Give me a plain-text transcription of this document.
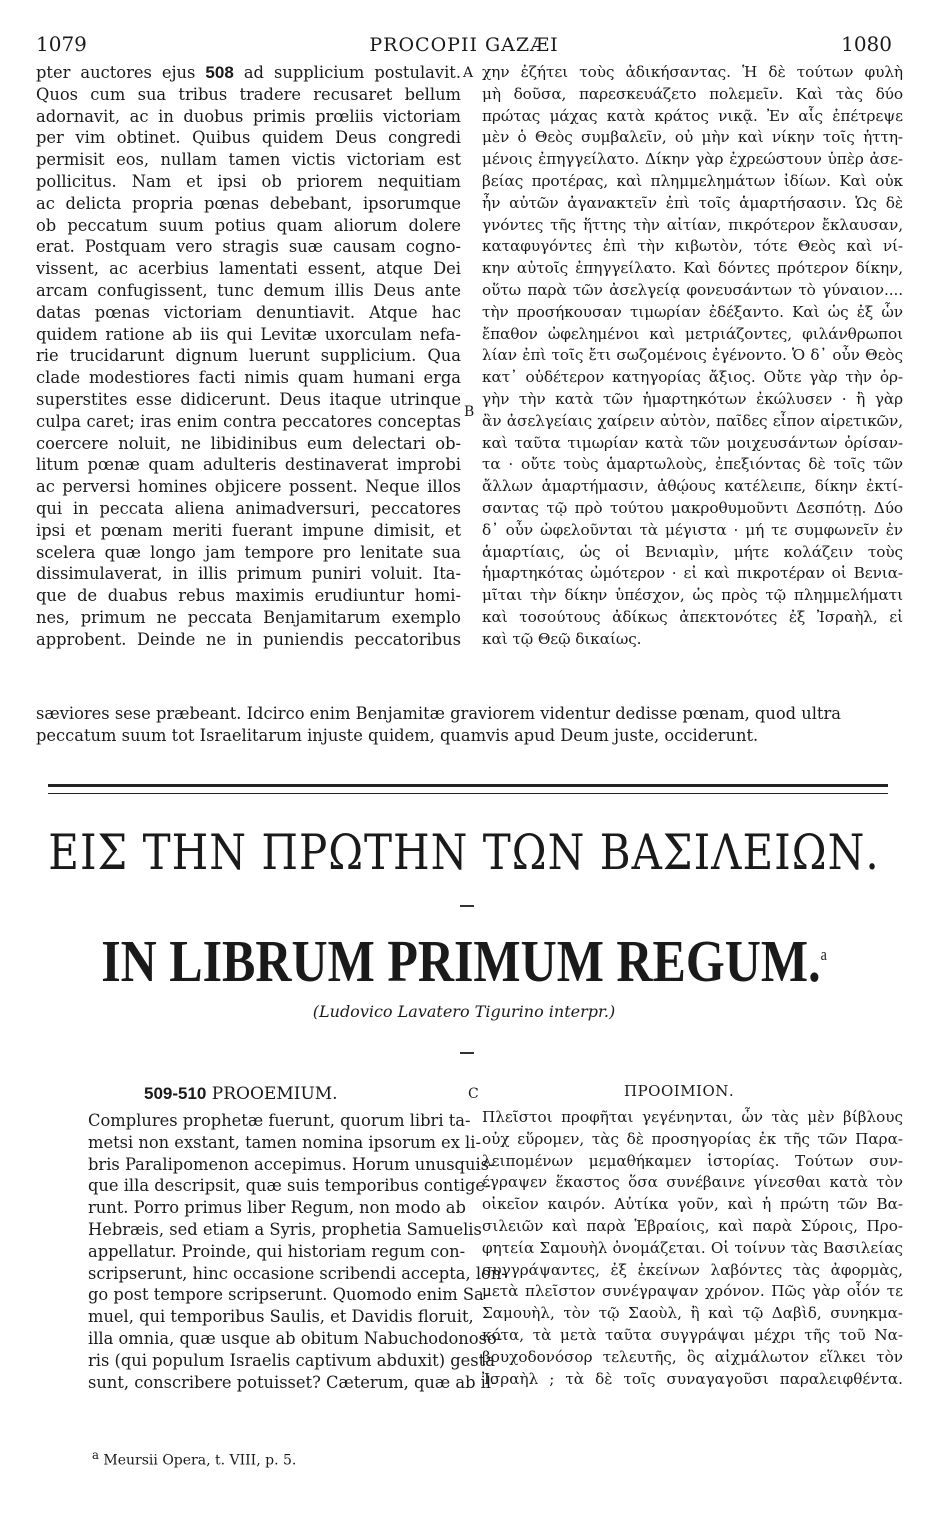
1079	PROCOPII GAZÆI	1080
pter auctores ejus 508 ad supplicium postulavit.
Quos cum sua tribus tradere recusaret bellum
adornavit, ac in duobus primis prœliis victoriam
per vim obtinet. Quibus quidem Deus congredi
permisit eos, nullam tamen victis victoriam est
pollicitus. Nam et ipsi ob priorem nequitiam
ac delicta propria pœnas debebant, ipsorumque
ob peccatum suum potius quam aliorum dolere
erat. Postquam vero stragis suæ causam cogno-
vissent, ac acerbius lamentati essent, atque Dei
arcam confugissent, tunc demum illis Deus ante
datas pœnas victoriam denuntiavit. Atque hac
quidem ratione ab iis qui Levitæ uxorculam nefa-
rie trucidarunt dignum luerunt supplicium. Qua
clade modestiores facti nimis quam humani erga
superstites esse didicerunt. Deus itaque utrinque
culpa caret; iras enim contra peccatores conceptas
coercere noluit, ne libidinibus eum delectari ob-
litum pœnæ quam adulteris destinaverat improbi
ac perversi homines objicere possent. Neque illos
qui in peccata aliena animadversuri, peccatores
ipsi et pœnam meriti fuerant impune dimisit, et
scelera quæ longo jam tempore pro lenitate sua
dissimulaverat, in illis primum puniri voluit. Ita-
que de duabus rebus maximis erudiuntur homi-
nes, primum ne peccata Benjamitarum exemplo
approbent. Deinde ne in puniendis peccatoribus
A
B
χην ἐζήτει τοὺς ἀδικήσαντας. Ἡ δὲ τούτων φυλὴ
μὴ δοῦσα, παρεσκευάζετο πολεμεῖν. Καὶ τὰς δύο
πρώτας μάχας κατὰ κράτος νικᾷ. Ἐν αἷς ἐπέτρεψε
μὲν ὁ Θεὸς συμβαλεῖν, οὐ μὴν καὶ νίκην τοῖς ἡττη-
μένοις ἐπηγγείλατο. Δίκην γὰρ ἐχρεώστουν ὑπὲρ ἀσε-
βείας προτέρας, καὶ πλημμελημάτων ἰδίων. Καὶ οὐκ
ἦν αὐτῶν ἀγανακτεῖν ἐπὶ τοῖς ἁμαρτήσασιν. Ὡς δὲ
γνόντες τῆς ἥττης τὴν αἰτίαν, πικρότερον ἔκλαυσαν,
καταφυγόντες ἐπὶ τὴν κιβωτὸν, τότε Θεὸς καὶ νί-
κην αὐτοῖς ἐπηγγείλατο. Καὶ δόντες πρότερον δίκην,
οὕτω παρὰ τῶν ἀσελγείᾳ φονευσάντων τὸ γύναιον....
τὴν προσήκουσαν τιμωρίαν ἐδέξαντο. Καὶ ὡς ἐξ ὧν
ἔπαθον ὠφελημένοι καὶ μετριάζοντες, φιλάνθρωποι
λίαν ἐπὶ τοῖς ἔτι σωζομένοις ἐγένοντο. Ὁ δ᾽ οὖν Θεὸς
κατ᾽ οὐδέτερον κατηγορίας ἄξιος. Οὔτε γὰρ τὴν ὀρ-
γὴν τὴν κατὰ τῶν ἡμαρτηκότων ἐκώλυσεν · ἢ γὰρ
ἂν ἀσελγείαις χαίρειν αὐτὸν, παῖδες εἶπον αἱρετικῶν,
καὶ ταῦτα τιμωρίαν κατὰ τῶν μοιχευσάντων ὁρίσαν-
τα · οὔτε τοὺς ἁμαρτωλοὺς, ἐπεξιόντας δὲ τοῖς τῶν
ἄλλων ἁμαρτήμασιν, ἀθῴους κατέλειπε, δίκην ἐκτί-
σαντας τῷ πρὸ τούτου μακροθυμοῦντι Δεσπότῃ. Δύο
δ᾽ οὖν ὠφελοῦνται τὰ μέγιστα · μή τε συμφωνεῖν ἐν
ἁμαρτίαις, ὡς οἱ Βενιαμὶν, μήτε κολάζειν τοὺς
ἡμαρτηκότας ὠμότερον · εἰ καὶ πικροτέραν οἱ Βενια-
μῖται τὴν δίκην ὑπέσχον, ὡς πρὸς τῷ πλημμελήματι
καὶ τοσούτους ἀδίκως ἀπεκτονότες ἐξ Ἰσραὴλ, εἰ
καὶ τῷ Θεῷ δικαίως.
sæviores sese præbeant. Idcirco enim Benjamitæ graviorem videntur dedisse pœnam, quod ultra
peccatum suum tot Israelitarum injuste quidem, quamvis apud Deum juste, occiderunt.
ΕΙΣ ΤΗΝ ΠΡΩΤΗΝ ΤΩΝ ΒΑΣΙΛΕΙΩΝ.
IN LIBRUM PRIMUM REGUM.$^a$
(Ludovico Lavatero Tigurino interpr.)
509-510 PROOEMIUM.	C	ΠΡΟΟΙΜΙΟΝ.
Complures prophetæ fuerunt, quorum libri ta-
metsi non exstant, tamen nomina ipsorum ex li-
bris Paralipomenon accepimus. Horum unusquis-
que illa descripsit, quæ suis temporibus contige-
runt. Porro primus liber Regum, non modo ab
Hebræis, sed etiam a Syris, prophetia Samuelis
appellatur. Proinde, qui historiam regum con-
scripserunt, hinc occasione scribendi accepta, lon-
go post tempore scripserunt. Quomodo enim Sa-
muel, qui temporibus Saulis, et Davidis floruit,
illa omnia, quæ usque ab obitum Nabuchodonoso-
ris (qui populum Israelis captivum abduxit) gesta
sunt, conscribere potuisset? Cæterum, quæ ab il-
Πλεῖστοι προφῆται γεγένηνται, ὧν τὰς μὲν βίβλους
οὐχ εὕρομεν, τὰς δὲ προσηγορίας ἐκ τῆς τῶν Παρα-
λειπομένων μεμαθήκαμεν ἱστορίας. Τούτων συν-
έγραψεν ἕκαστος ὅσα συνέβαινε γίνεσθαι κατὰ τὸν
οἰκεῖον καιρόν. Αὐτίκα γοῦν, καὶ ἡ πρώτη τῶν Βα-
σιλειῶν καὶ παρὰ Ἑβραίοις, καὶ παρὰ Σύροις, Προ-
φητεία Σαμουὴλ ὀνομάζεται. Οἱ τοίνυν τὰς Βασιλείας
συγγράψαντες, ἐξ ἐκείνων λαβόντες τὰς ἀφορμὰς,
μετὰ πλεῖστον συνέγραψαν χρόνον. Πῶς γὰρ οἷόν τε
Σαμουὴλ, τὸν τῷ Σαοὺλ, ἢ καὶ τῷ Δαβὶδ, συνηκμα-
κότα, τὰ μετὰ ταῦτα συγγράψαι μέχρι τῆς τοῦ Να-
βουχοδονόσορ τελευτῆς, ὃς αἰχμάλωτον εἵλκει τὸν
Ἰσραὴλ ; τὰ δὲ τοῖς συναγαγοῦσι παραλειφθέντα.
$^a$ Meursii Opera, t. VIII, p. 5.
